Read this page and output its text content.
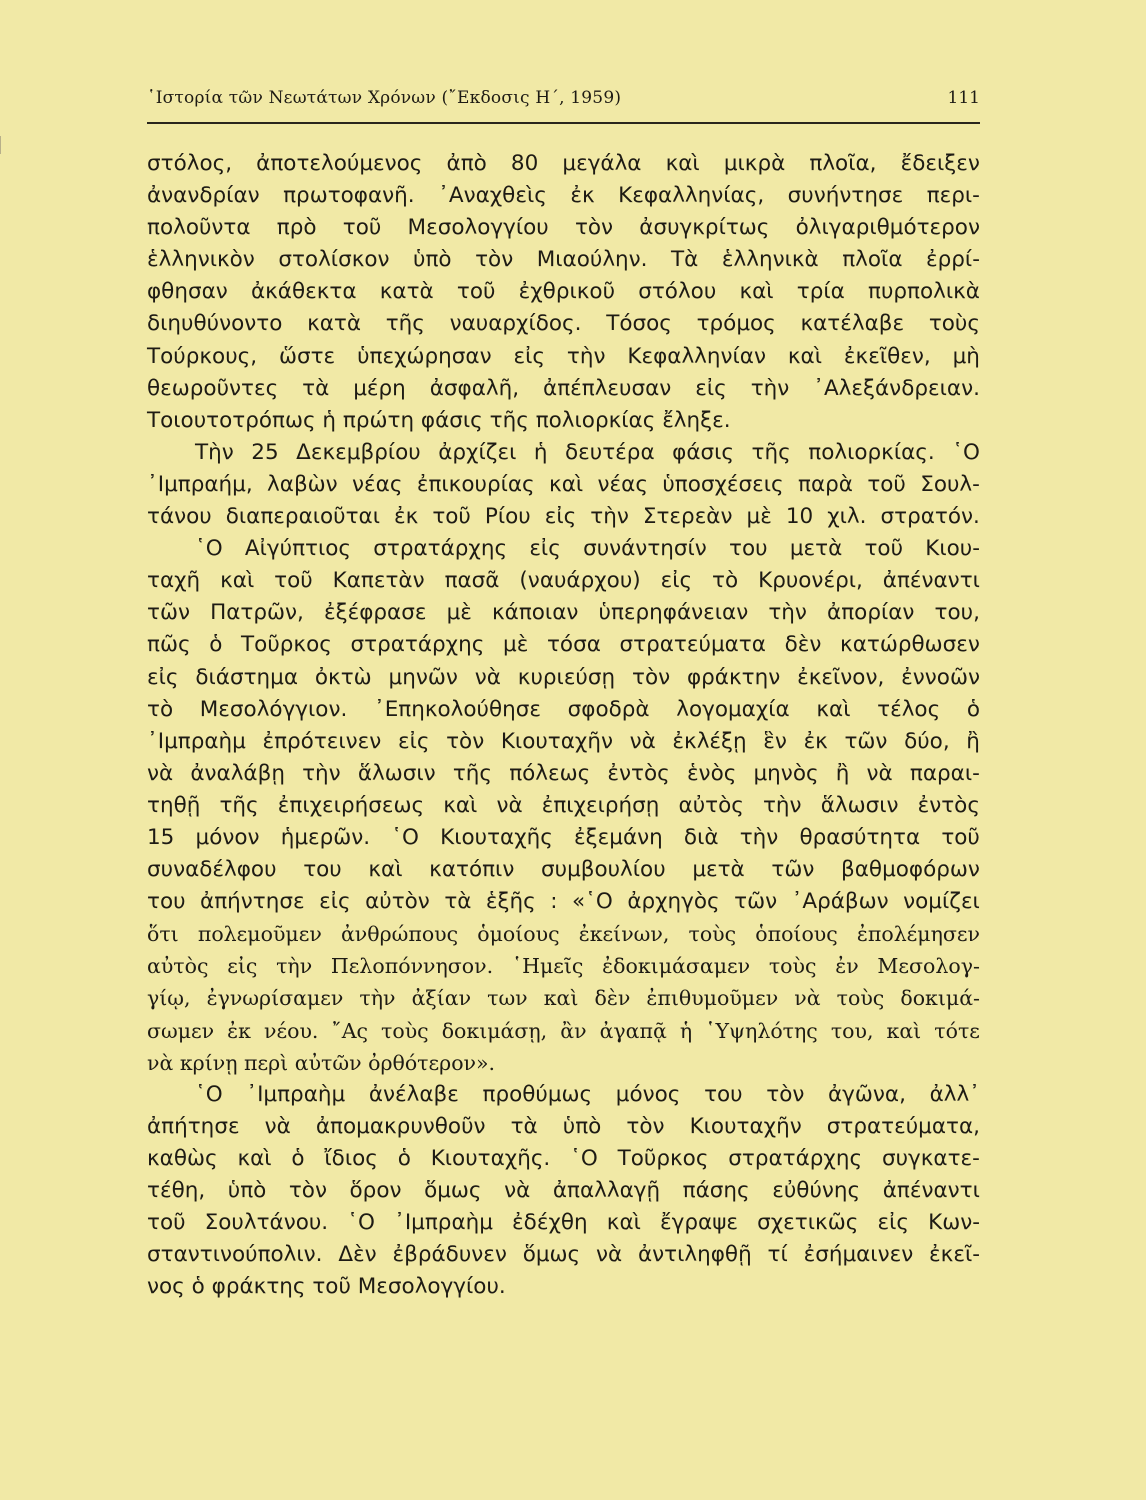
῾Ιστορία τῶν Νεωτάτων Χρόνων (῎Εκδοσις Η΄, 1959)	111
στόλος, ἀποτελούμενος ἀπὸ 80 μεγάλα καὶ μικρὰ πλοῖα, ἔδειξεν
ἀνανδρίαν πρωτοφανῆ. ᾿Αναχθεὶς ἐκ Κεφαλληνίας, συνήντησε περι-
πολοῦντα πρὸ τοῦ Μεσολογγίου τὸν ἀσυγκρίτως ὀλιγαριθμότερον
ἑλληνικὸν στολίσκον ὑπὸ τὸν Μιαούλην. Τὰ ἑλληνικὰ πλοῖα ἐρρί-
φθησαν ἀκάθεκτα κατὰ τοῦ ἐχθρικοῦ στόλου καὶ τρία πυρπολικὰ
διηυθύνοντο κατὰ τῆς ναυαρχίδος. Τόσος τρόμος κατέλαβε τοὺς
Τούρκους, ὥστε ὑπεχώρησαν εἰς τὴν Κεφαλληνίαν καὶ ἐκεῖθεν, μὴ
θεωροῦντες τὰ μέρη ἀσφαλῆ, ἀπέπλευσαν εἰς τὴν ᾿Αλεξάνδρειαν.
Τοιουτοτρόπως
ἡ
πρώτη
φάσις
τῆς
πολιορκίας
ἔληξε.
Τὴν 25 Δεκεμβρίου ἀρχίζει ἡ δευτέρα φάσις τῆς πολιορκίας. ῾Ο
᾿Ιμπραήμ, λαβὼν νέας ἐπικουρίας καὶ νέας ὑποσχέσεις παρὰ τοῦ Σουλ-
τάνου διαπεραιοῦται ἐκ τοῦ Ρίου εἰς τὴν Στερεὰν μὲ 10 χιλ. στρατόν.
῾Ο Αἰγύπτιος στρατάρχης εἰς συνάντησίν του μετὰ τοῦ Κιου-
ταχῆ καὶ τοῦ Καπετὰν πασᾶ (ναυάρχου) εἰς τὸ Κρυονέρι, ἀπέναντι
τῶν Πατρῶν, ἐξέφρασε μὲ κάποιαν ὑπερηφάνειαν τὴν ἀπορίαν του,
πῶς ὁ Τοῦρκος στρατάρχης μὲ τόσα στρατεύματα δὲν κατώρθωσεν
εἰς διάστημα ὀκτὼ μηνῶν νὰ κυριεύσῃ τὸν φράκτην ἐκεῖνον, ἐννοῶν
τὸ Μεσολόγγιον. ᾿Επηκολούθησε σφοδρὰ λογομαχία καὶ τέλος ὁ
᾿Ιμπραὴμ ἐπρότεινεν εἰς τὸν Κιουταχῆν νὰ ἐκλέξῃ ἓν ἐκ τῶν δύο, ἢ
νὰ ἀναλάβῃ τὴν ἅλωσιν τῆς πόλεως ἐντὸς ἑνὸς μηνὸς ἢ νὰ παραι-
τηθῇ τῆς ἐπιχειρήσεως καὶ νὰ ἐπιχειρήσῃ αὐτὸς τὴν ἅλωσιν ἐντὸς
15 μόνον ἡμερῶν. ῾Ο Κιουταχῆς ἐξεμάνη διὰ τὴν θρασύτητα τοῦ
συναδέλφου του καὶ κατόπιν συμβουλίου μετὰ τῶν βαθμοφόρων
του ἀπήντησε εἰς αὐτὸν τὰ ἑξῆς : «῾Ο ἀρχηγὸς τῶν ᾿Αράβων νομίζει
ὅτι πολεμοῦμεν ἀνθρώπους ὁμοίους ἐκείνων, τοὺς ὁποίους ἐπολέμησεν
αὐτὸς εἰς τὴν Πελοπόννησον. ῾Ημεῖς ἐδοκιμάσαμεν τοὺς ἐν Μεσολογ-
γίῳ, ἐγνωρίσαμεν τὴν ἀξίαν των καὶ δὲν ἐπιθυμοῦμεν νὰ τοὺς δοκιμά-
σωμεν ἐκ νέου. ῎Ας τοὺς δοκιμάσῃ, ἂν ἀγαπᾷ ἡ ῾Υψηλότης του, καὶ τότε
νὰ
κρίνῃ
περὶ
αὐτῶν
ὀρθότερον».
῾Ο ᾿Ιμπραὴμ ἀνέλαβε προθύμως μόνος του τὸν ἀγῶνα, ἀλλ᾿
ἀπήτησε νὰ ἀπομακρυνθοῦν τὰ ὑπὸ τὸν Κιουταχῆν στρατεύματα,
καθὼς καὶ ὁ ἴδιος ὁ Κιουταχῆς. ῾Ο Τοῦρκος στρατάρχης συγκατε-
τέθη, ὑπὸ τὸν ὅρον ὅμως νὰ ἀπαλλαγῇ πάσης εὐθύνης ἀπέναντι
τοῦ Σουλτάνου. ῾Ο ᾿Ιμπραὴμ ἐδέχθη καὶ ἔγραψε σχετικῶς εἰς Κων-
σταντινούπολιν. Δὲν ἐβράδυνεν ὅμως νὰ ἀντιληφθῇ τί ἐσήμαινεν ἐκεῖ-
νος
ὁ
φράκτης
τοῦ
Μεσολογγίου.
